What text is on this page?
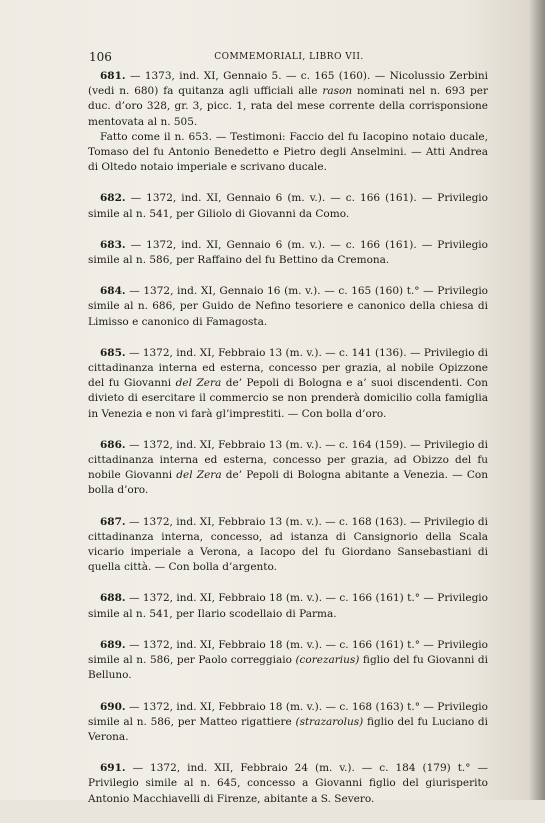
106	COMMEMORIALI, LIBRO VII.
681. — 1373, ind. XI, Gennaio 5. — c. 165 (160). — Nicolussio Zerbini (vedi n. 680) fa quitanza agli ufficiali alle rason nominati nel n. 693 per duc. d’oro 328, gr. 3, picc. 1, rata del mese corrente della corrisponsione mentovata al n. 505.
Fatto come il n. 653. — Testimoni: Faccio del fu Iacopino notaio ducale, Tomaso del fu Antonio Benedetto e Pietro degli Anselmini. — Atti Andrea di Oltedo notaio imperiale e scrivano ducale.
682. — 1372, ind. XI, Gennaio 6 (m. v.). — c. 166 (161). — Privilegio simile al n. 541, per Giliolo di Giovanni da Como.
683. — 1372, ind. XI, Gennaio 6 (m. v.). — c. 166 (161). — Privilegio simile al n. 586, per Raffaino del fu Bettino da Cremona.
684. — 1372, ind. XI, Gennaio 16 (m. v.). — c. 165 (160) t.° — Privilegio simile al n. 686, per Guido de Nefino tesoriere e canonico della chiesa di Limisso e canonico di Famagosta.
685. — 1372, ind. XI, Febbraio 13 (m. v.). — c. 141 (136). — Privilegio di cittadinanza interna ed esterna, concesso per grazia, al nobile Opizzone del fu Giovanni del Zera de’ Pepoli di Bologna e a’ suoi discendenti. Con divieto di esercitare il commercio se non prenderà domicilio colla famiglia in Venezia e non vi farà gl’imprestiti. — Con bolla d’oro.
686. — 1372, ind. XI, Febbraio 13 (m. v.). — c. 164 (159). — Privilegio di cittadinanza interna ed esterna, concesso per grazia, ad Obizzo del fu nobile Giovanni del Zera de’ Pepoli di Bologna abitante a Venezia. — Con bolla d’oro.
687. — 1372, ind. XI, Febbraio 13 (m. v.). — c. 168 (163). — Privilegio di cittadinanza interna, concesso, ad istanza di Cansignorio della Scala vicario imperiale a Verona, a Iacopo del fu Giordano Sansebastiani di quella città. — Con bolla d’argento.
688. — 1372, ind. XI, Febbraio 18 (m. v.). — c. 166 (161) t.° — Privilegio simile al n. 541, per Ilario scodellaio di Parma.
689. — 1372, ind. XI, Febbraio 18 (m. v.). — c. 166 (161) t.° — Privilegio simile al n. 586, per Paolo correggiaio (corezarius) figlio del fu Giovanni di Belluno.
690. — 1372, ind. XI, Febbraio 18 (m. v.). — c. 168 (163) t.° — Privilegio simile al n. 586, per Matteo rigattiere (strazarolus) figlio del fu Luciano di Verona.
691. — 1372, ind. XII, Febbraio 24 (m. v.). — c. 184 (179) t.° — Privilegio simile al n. 645, concesso a Giovanni figlio del giurisperito Antonio Macchiavelli di Firenze, abitante a S. Severo.
